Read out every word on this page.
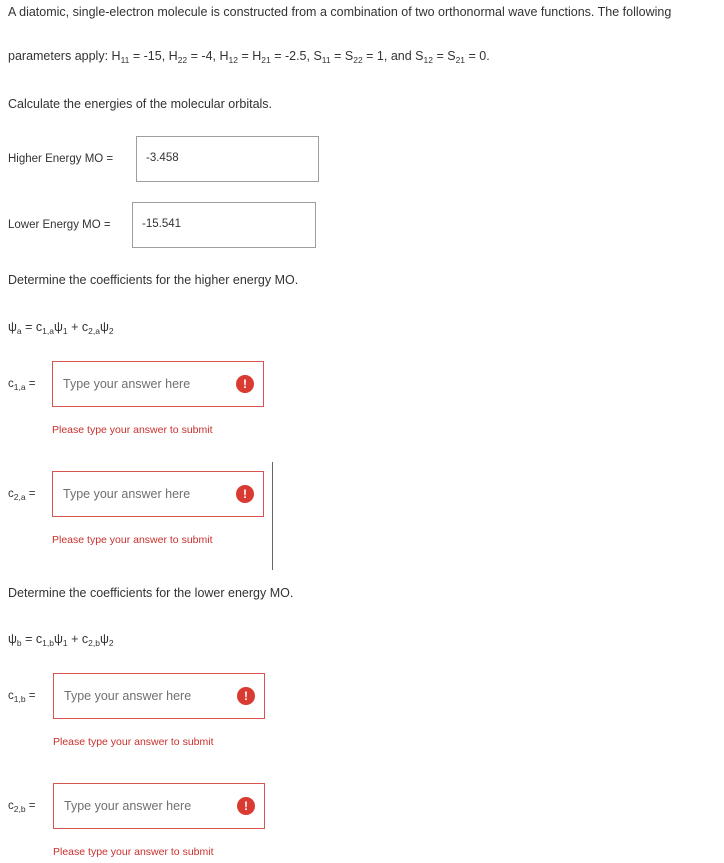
A diatomic, single-electron molecule is constructed from a combination of two orthonormal wave functions. The following
parameters apply: $H_{11} = -15$, $H_{22} = -4$, $H_{12} = H_{21} = -2.5$, $S_{11} = S_{22} = 1$, and $S_{12} = S_{21} = 0$.
Calculate the energies of the molecular orbitals.
Higher Energy MO =	-3.458
Lower Energy MO =	-15.541
Determine the coefficients for the higher energy MO.
$\psi_a = c_{1,a}\psi_1 + c_{2,a}\psi_2$
$c_{1,a}$ = Type your answer here	!
Please type your answer to submit
$c_{2,a}$ = Type your answer here	!
Please type your answer to submit
Determine the coefficients for the lower energy MO.
$\psi_b = c_{1,b}\psi_1 + c_{2,b}\psi_2$
$c_{1,b}$ = Type your answer here	!
Please type your answer to submit
$c_{2,b}$ = Type your answer here	!
Please type your answer to submit
